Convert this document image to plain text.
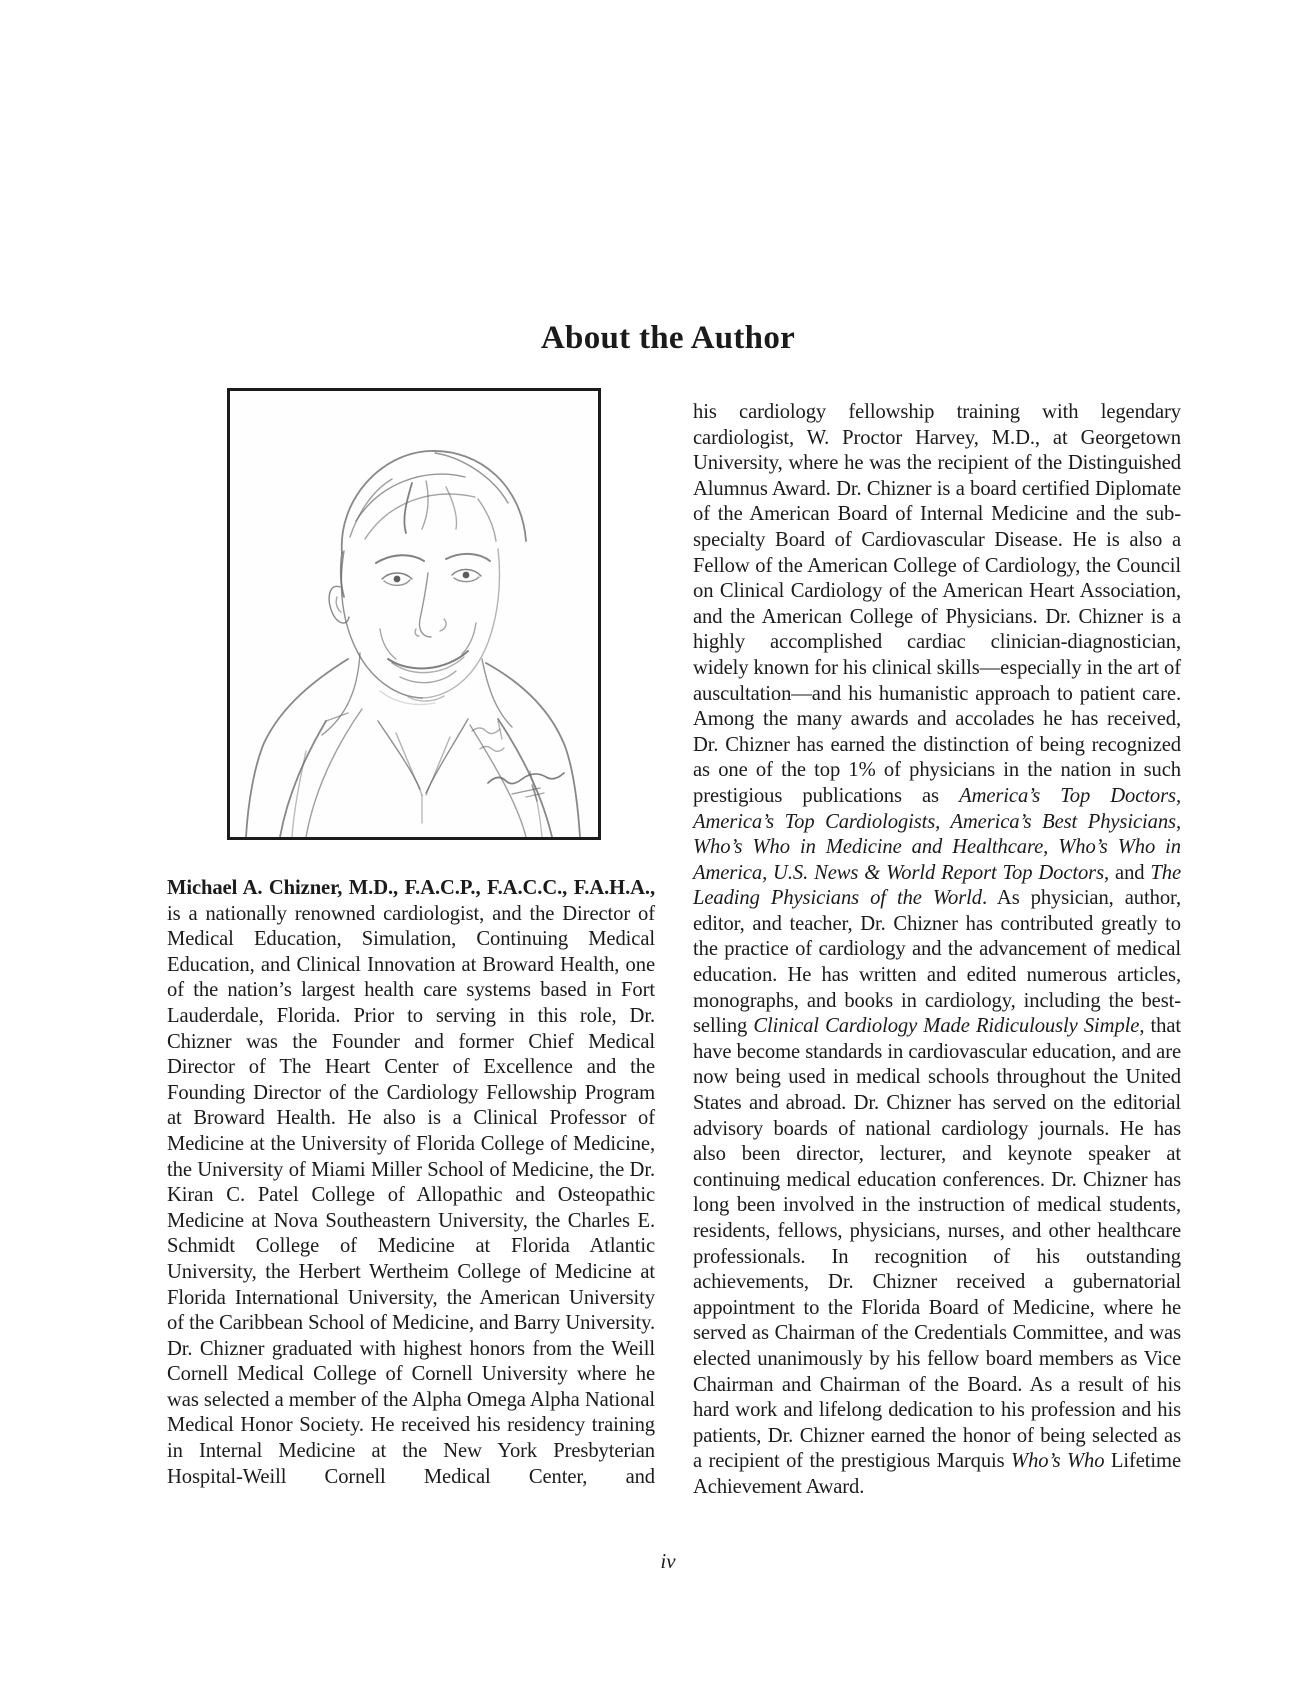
About the Author

Michael A. Chizner, M.D., F.A.C.P., F.A.C.C., F.A.H.A., is a nationally renowned cardiologist, and the Director of Medical Education, Simulation, Continuing Medical Education, and Clinical Innovation at Broward Health, one of the nation’s largest health care systems based in Fort Lauderdale, Florida. Prior to serving in this role, Dr. Chizner was the Founder and former Chief Medical Director of The Heart Center of Excellence and the Founding Director of the Cardiology Fellowship Program at Broward Health. He also is a Clinical Professor of Medicine at the University of Florida College of Medicine, the University of Miami Miller School of Medicine, the Dr. Kiran C. Patel College of Allopathic and Osteopathic Medicine at Nova Southeastern University, the Charles E. Schmidt College of Medicine at Florida Atlantic University, the Herbert Wertheim College of Medicine at Florida International University, the American University of the Caribbean School of Medicine, and Barry University. Dr. Chizner graduated with highest honors from the Weill Cornell Medical College of Cornell University where he was selected a member of the Alpha Omega Alpha National Medical Honor Society. He received his residency training in Internal Medicine at the New York Presbyterian Hospital-Weill Cornell Medical Center, and

his cardiology fellowship training with legendary cardiologist, W. Proctor Harvey, M.D., at Georgetown University, where he was the recipient of the Distinguished Alumnus Award. Dr. Chizner is a board certified Diplomate of the American Board of Internal Medicine and the sub-specialty Board of Cardiovascular Disease. He is also a Fellow of the American College of Cardiology, the Council on Clinical Cardiology of the American Heart Association, and the American College of Physicians. Dr. Chizner is a highly accomplished cardiac clinician-diagnostician, widely known for his clinical skills—especially in the art of auscultation—and his humanistic approach to patient care. Among the many awards and accolades he has received, Dr. Chizner has earned the distinction of being recognized as one of the top 1% of physicians in the nation in such prestigious publications as America’s Top Doctors, America’s Top Cardiologists, America’s Best Physicians, Who’s Who in Medicine and Healthcare, Who’s Who in America, U.S. News & World Report Top Doctors, and The Leading Physicians of the World. As physician, author, editor, and teacher, Dr. Chizner has contributed greatly to the practice of cardiology and the advancement of medical education. He has written and edited numerous articles, monographs, and books in cardiology, including the best-selling Clinical Cardiology Made Ridiculously Simple, that have become standards in cardiovascular education, and are now being used in medical schools throughout the United States and abroad. Dr. Chizner has served on the editorial advisory boards of national cardiology journals. He has also been director, lecturer, and keynote speaker at continuing medical education conferences. Dr. Chizner has long been involved in the instruction of medical students, residents, fellows, physicians, nurses, and other healthcare professionals. In recognition of his outstanding achievements, Dr. Chizner received a gubernatorial appointment to the Florida Board of Medicine, where he served as Chairman of the Credentials Committee, and was elected unanimously by his fellow board members as Vice Chairman and Chairman of the Board. As a result of his hard work and lifelong dedication to his profession and his patients, Dr. Chizner earned the honor of being selected as a recipient of the prestigious Marquis Who’s Who Lifetime Achievement Award.

iv
